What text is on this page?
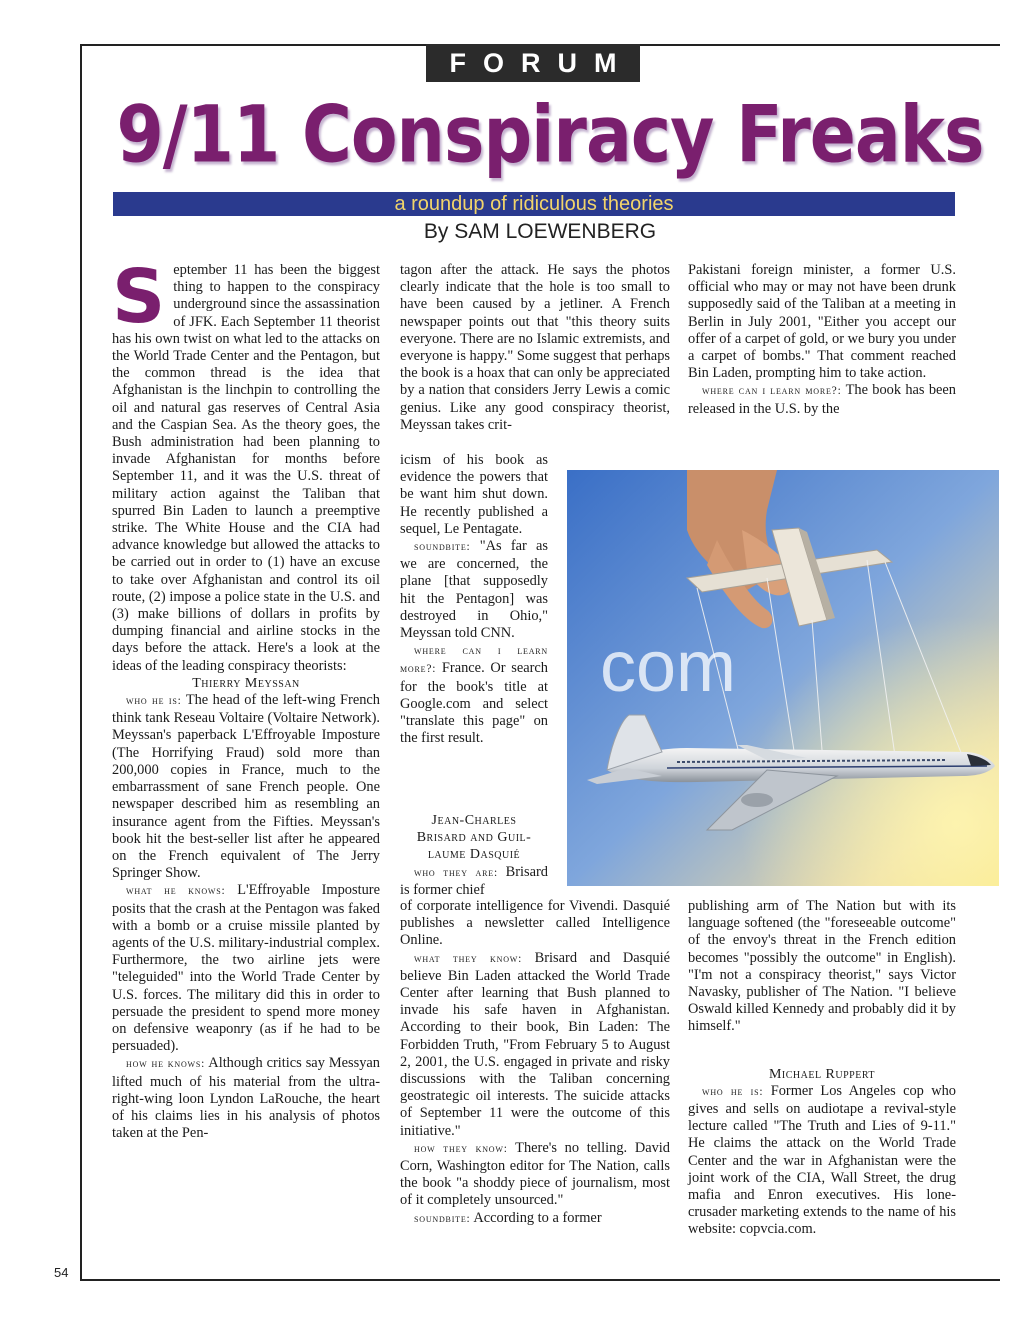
FORUM
9/11 Conspiracy Freaks
a roundup of ridiculous theories
By SAM LOEWENBERG

September 11 has been the biggest thing to happen to the conspiracy underground since the assassination of JFK. Each September 11 theorist has his own twist on what led to the attacks on the World Trade Center and the Pentagon, but the common thread is the idea that Afghanistan is the linchpin to controlling the oil and natural gas reserves of Central Asia and the Caspian Sea. As the theory goes, the Bush administration had been planning to invade Afghanistan for months before September 11, and it was the U.S. threat of military action against the Taliban that spurred Bin Laden to launch a preemptive strike. The White House and the CIA had advance knowledge but allowed the attacks to be carried out in order to (1) have an excuse to take over Afghanistan and control its oil route, (2) impose a police state in the U.S. and (3) make billions of dollars in profits by dumping financial and airline stocks in the days before the attack. Here's a look at the ideas of the leading conspiracy theorists:

Thierry Meyssan

who he is: The head of the left-wing French think tank Reseau Voltaire (Voltaire Network). Meyssan's paperback L'Effroyable Imposture (The Horrifying Fraud) sold more than 200,000 copies in France, much to the embarrassment of sane French people. One newspaper described him as resembling an insurance agent from the Fifties. Meyssan's book hit the best-seller list after he appeared on the French equivalent of The Jerry Springer Show.

what he knows: L'Effroyable Imposture posits that the crash at the Pentagon was faked with a bomb or a cruise missile planted by agents of the U.S. military-industrial complex. Furthermore, the two airline jets were "teleguided" into the World Trade Center by U.S. forces. The military did this in order to persuade the president to spend more money on defensive weaponry (as if he had to be persuaded).

how he knows: Although critics say Messyan lifted much of his material from the ultra-right-wing loon Lyndon LaRouche, the heart of his claims lies in his analysis of photos taken at the Pen-

tagon after the attack. He says the photos clearly indicate that the hole is too small to have been caused by a jetliner. A French newspaper points out that "this theory suits everyone. There are no Islamic extremists, and everyone is happy." Some suggest that perhaps the book is a hoax that can only be appreciated by a nation that considers Jerry Lewis a comic genius. Like any good conspiracy theorist, Meyssan takes crit-

icism of his book as evidence the powers that be want him shut down. He recently published a sequel, Le Pentagate.

soundbite: "As far as we are concerned, the plane [that supposedly hit the Pentagon] was destroyed in Ohio," Meyssan told CNN.

where can i learn more?: France. Or search for the book's title at Google.com and select "translate this page" on the first result.

Jean-Charles
Brisard and Guil-
laume Dasquié

who they are: Brisard is former chief

of corporate intelligence for Vivendi. Dasquié publishes a newsletter called Intelligence Online.

what they know: Brisard and Dasquié believe Bin Laden attacked the World Trade Center after learning that Bush planned to invade his safe haven in Afghanistan. According to their book, Bin Laden: The Forbidden Truth, "From February 5 to August 2, 2001, the U.S. engaged in private and risky discussions with the Taliban concerning geostrategic oil interests. The suicide attacks of September 11 were the outcome of this initiative."

how they know: There's no telling. David Corn, Washington editor for The Nation, calls the book "a shoddy piece of journalism, most of it completely unsourced."

soundbite: According to a former

Pakistani foreign minister, a former U.S. official who may or may not have been drunk supposedly said of the Taliban at a meeting in Berlin in July 2001, "Either you accept our offer of a carpet of gold, or we bury you under a carpet of bombs." That comment reached Bin Laden, prompting him to take action.

where can i learn more?: The book has been released in the U.S. by the

publishing arm of The Nation but with its language softened (the "foreseeable outcome" of the envoy's threat in the French edition becomes "possibly the outcome" in English). "I'm not a conspiracy theorist," says Victor Navasky, publisher of The Nation. "I believe Oswald killed Kennedy and probably did it by himself."

Michael Ruppert

who he is: Former Los Angeles cop who gives and sells on audiotape a revival-style lecture called "The Truth and Lies of 9-11." He claims the attack on the World Trade Center and the war in Afghanistan were the joint work of the CIA, Wall Street, the drug mafia and Enron executives. His lone-crusader marketing extends to the name of his website: copvcia.com.

com
54
